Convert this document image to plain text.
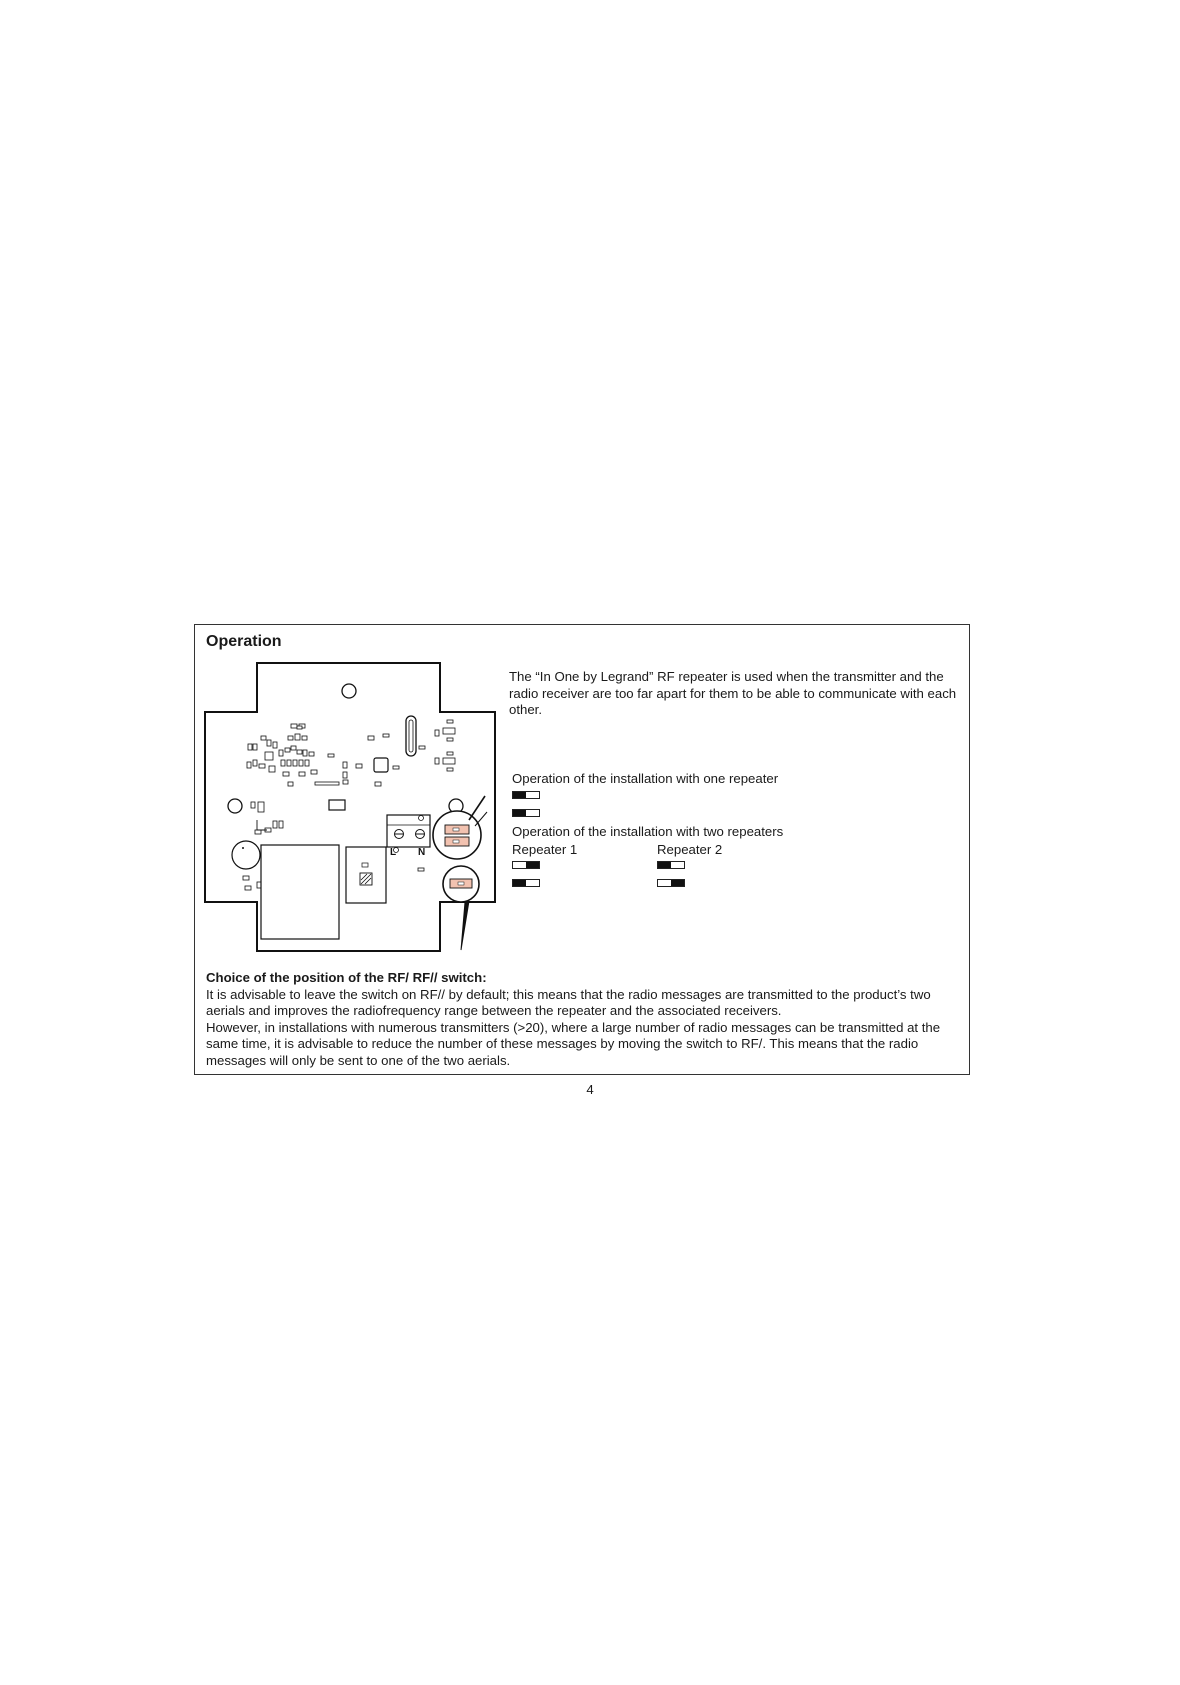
Operation
L N
The “In One by Legrand” RF repeater is used when the transmitter and the radio receiver are too far apart for them to be able to communicate with each other.
Operation of the installation with one repeater
Operation of the installation with two repeaters
Repeater 1	Repeater 2
Choice of the position of the RF/ RF// switch:

It is advisable to leave the switch on RF// by default; this means that the radio messages are transmitted to the product’s two aerials and improves the radiofrequency range between the repeater and the associated receivers.

However, in installations with numerous transmitters (>20), where a large number of radio messages can be transmitted at the same time, it is advisable to reduce the number of these messages by moving the switch to RF/. This means that the radio messages will only be sent to one of the two aerials.

4
